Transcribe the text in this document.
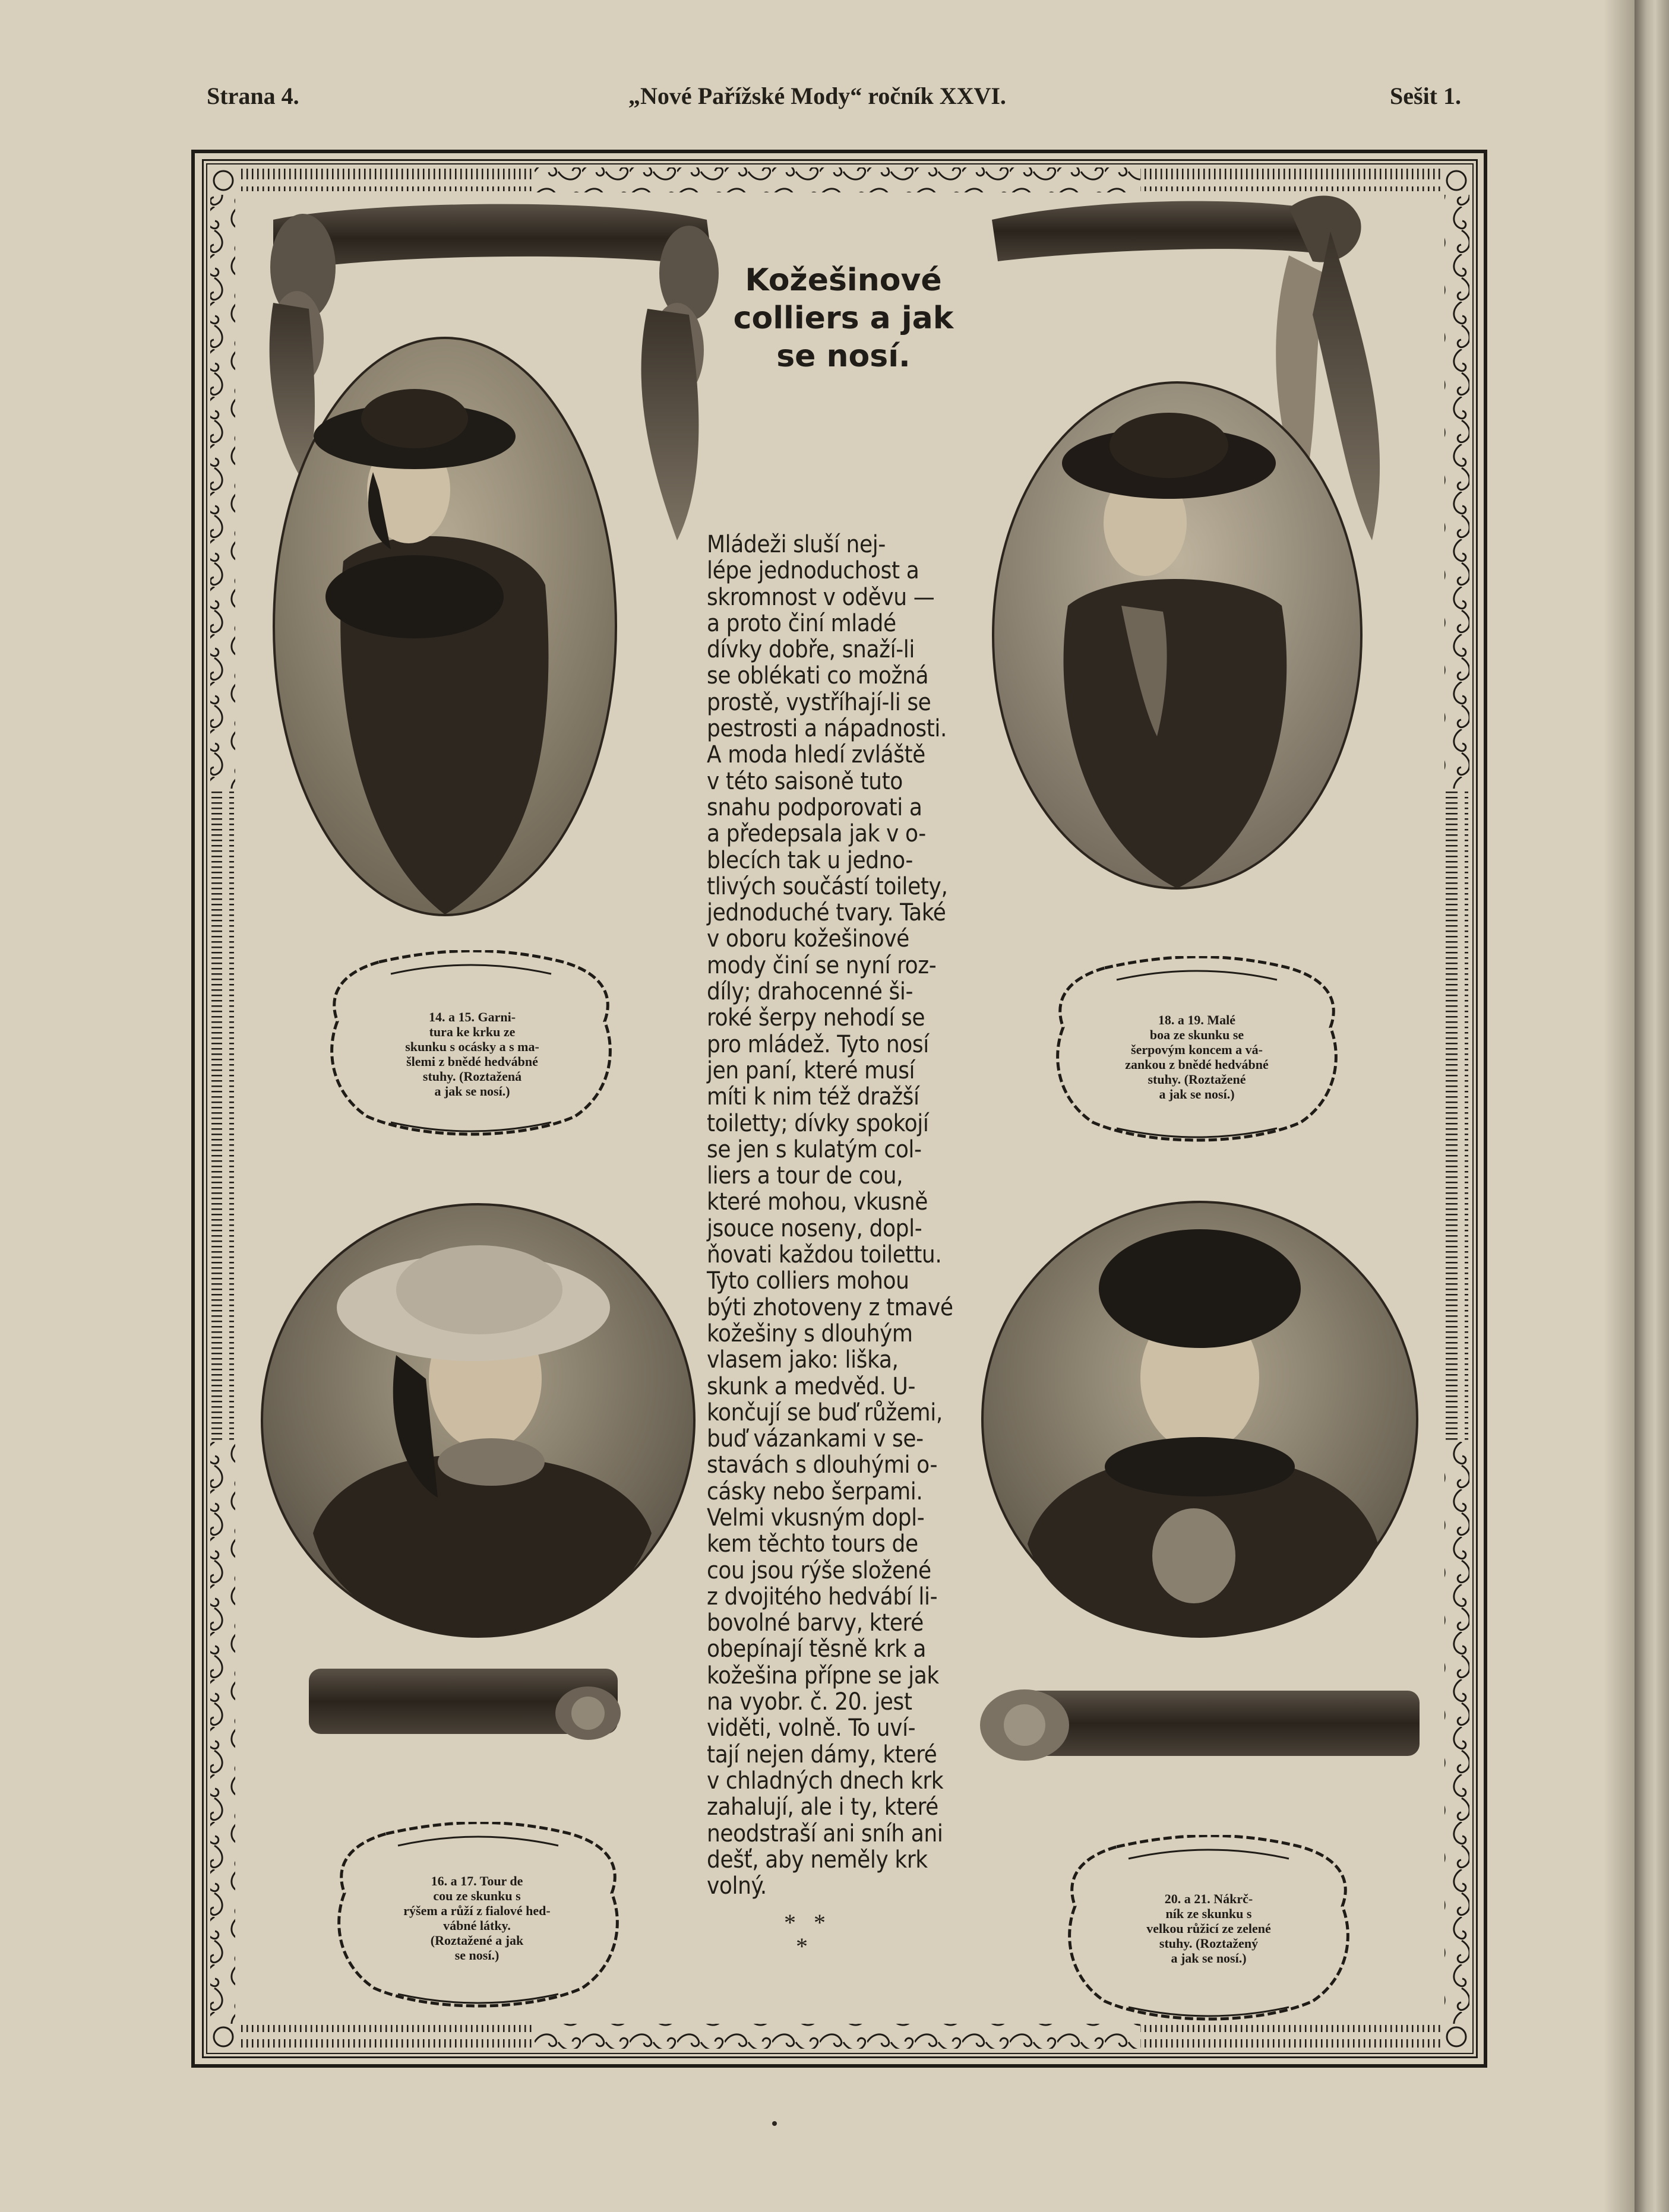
Strana 4.	„Nové Pařížské Mody“ ročník XXVI.	Sešit 1.
Kožešinové
colliers a jak
se nosí.

Mládeži sluší nej-
lépe jednoduchost a
skromnost v oděvu —
a proto činí mladé
dívky dobře, snaží-li
se oblékati co možná
prostě, vystříhají-li se
pestrosti a nápadnosti.
A moda hledí zvláště
v této saisoně tuto
snahu podporovati a
a předepsala jak v o-
blecích tak u jedno-
tlivých součástí toilety,
jednoduché tvary. Také
v oboru kožešinové
mody činí se nyní roz-
díly; drahocenné ši-
roké šerpy nehodí se
pro mládež. Tyto nosí
jen paní, které musí
míti k nim též dražší
toiletty; dívky spokojí
se jen s kulatým col-
liers a tour de cou,
které mohou, vkusně
jsouce noseny, dopl-
ňovati každou toilettu.
Tyto colliers mohou
býti zhotoveny z tmavé
kožešiny s dlouhým
vlasem jako: liška,
skunk a medvěd. U-
končují se buď růžemi,
buď vázankami v se-
stavách s dlouhými o-
cásky nebo šerpami.
Velmi vkusným dopl-
kem těchto tours de
cou jsou rýše složené
z dvojitého hedvábí li-
bovolné barvy, které
obepínají těsně krk a
kožešina přípne se jak
na vyobr. č. 20. jest
viděti, volně. To uví-
tají nejen dámy, které
v chladných dnech krk
zahalují, ale i ty, které
neodstraší ani sníh ani
dešť, aby neměly krk
volný.

*   *
*

14. a 15. Garni-
tura ke krku ze
skunku s ocásky a s ma-
šlemi z bnědé hedvábné
stuhy. (Roztažená
a jak se nosí.)

18. a 19. Malé
boa ze skunku se
šerpovým koncem a vá-
zankou z bnědé hedvábné
stuhy. (Roztažené
a jak se nosí.)

16. a 17. Tour de
cou ze skunku s
rýšem a růží z fialové hed-
vábné látky.
(Roztažené a jak
se nosí.)

20. a 21. Nákrč-
ník ze skunku s
velkou růžicí ze zelené
stuhy. (Roztažený
a jak se nosí.)
